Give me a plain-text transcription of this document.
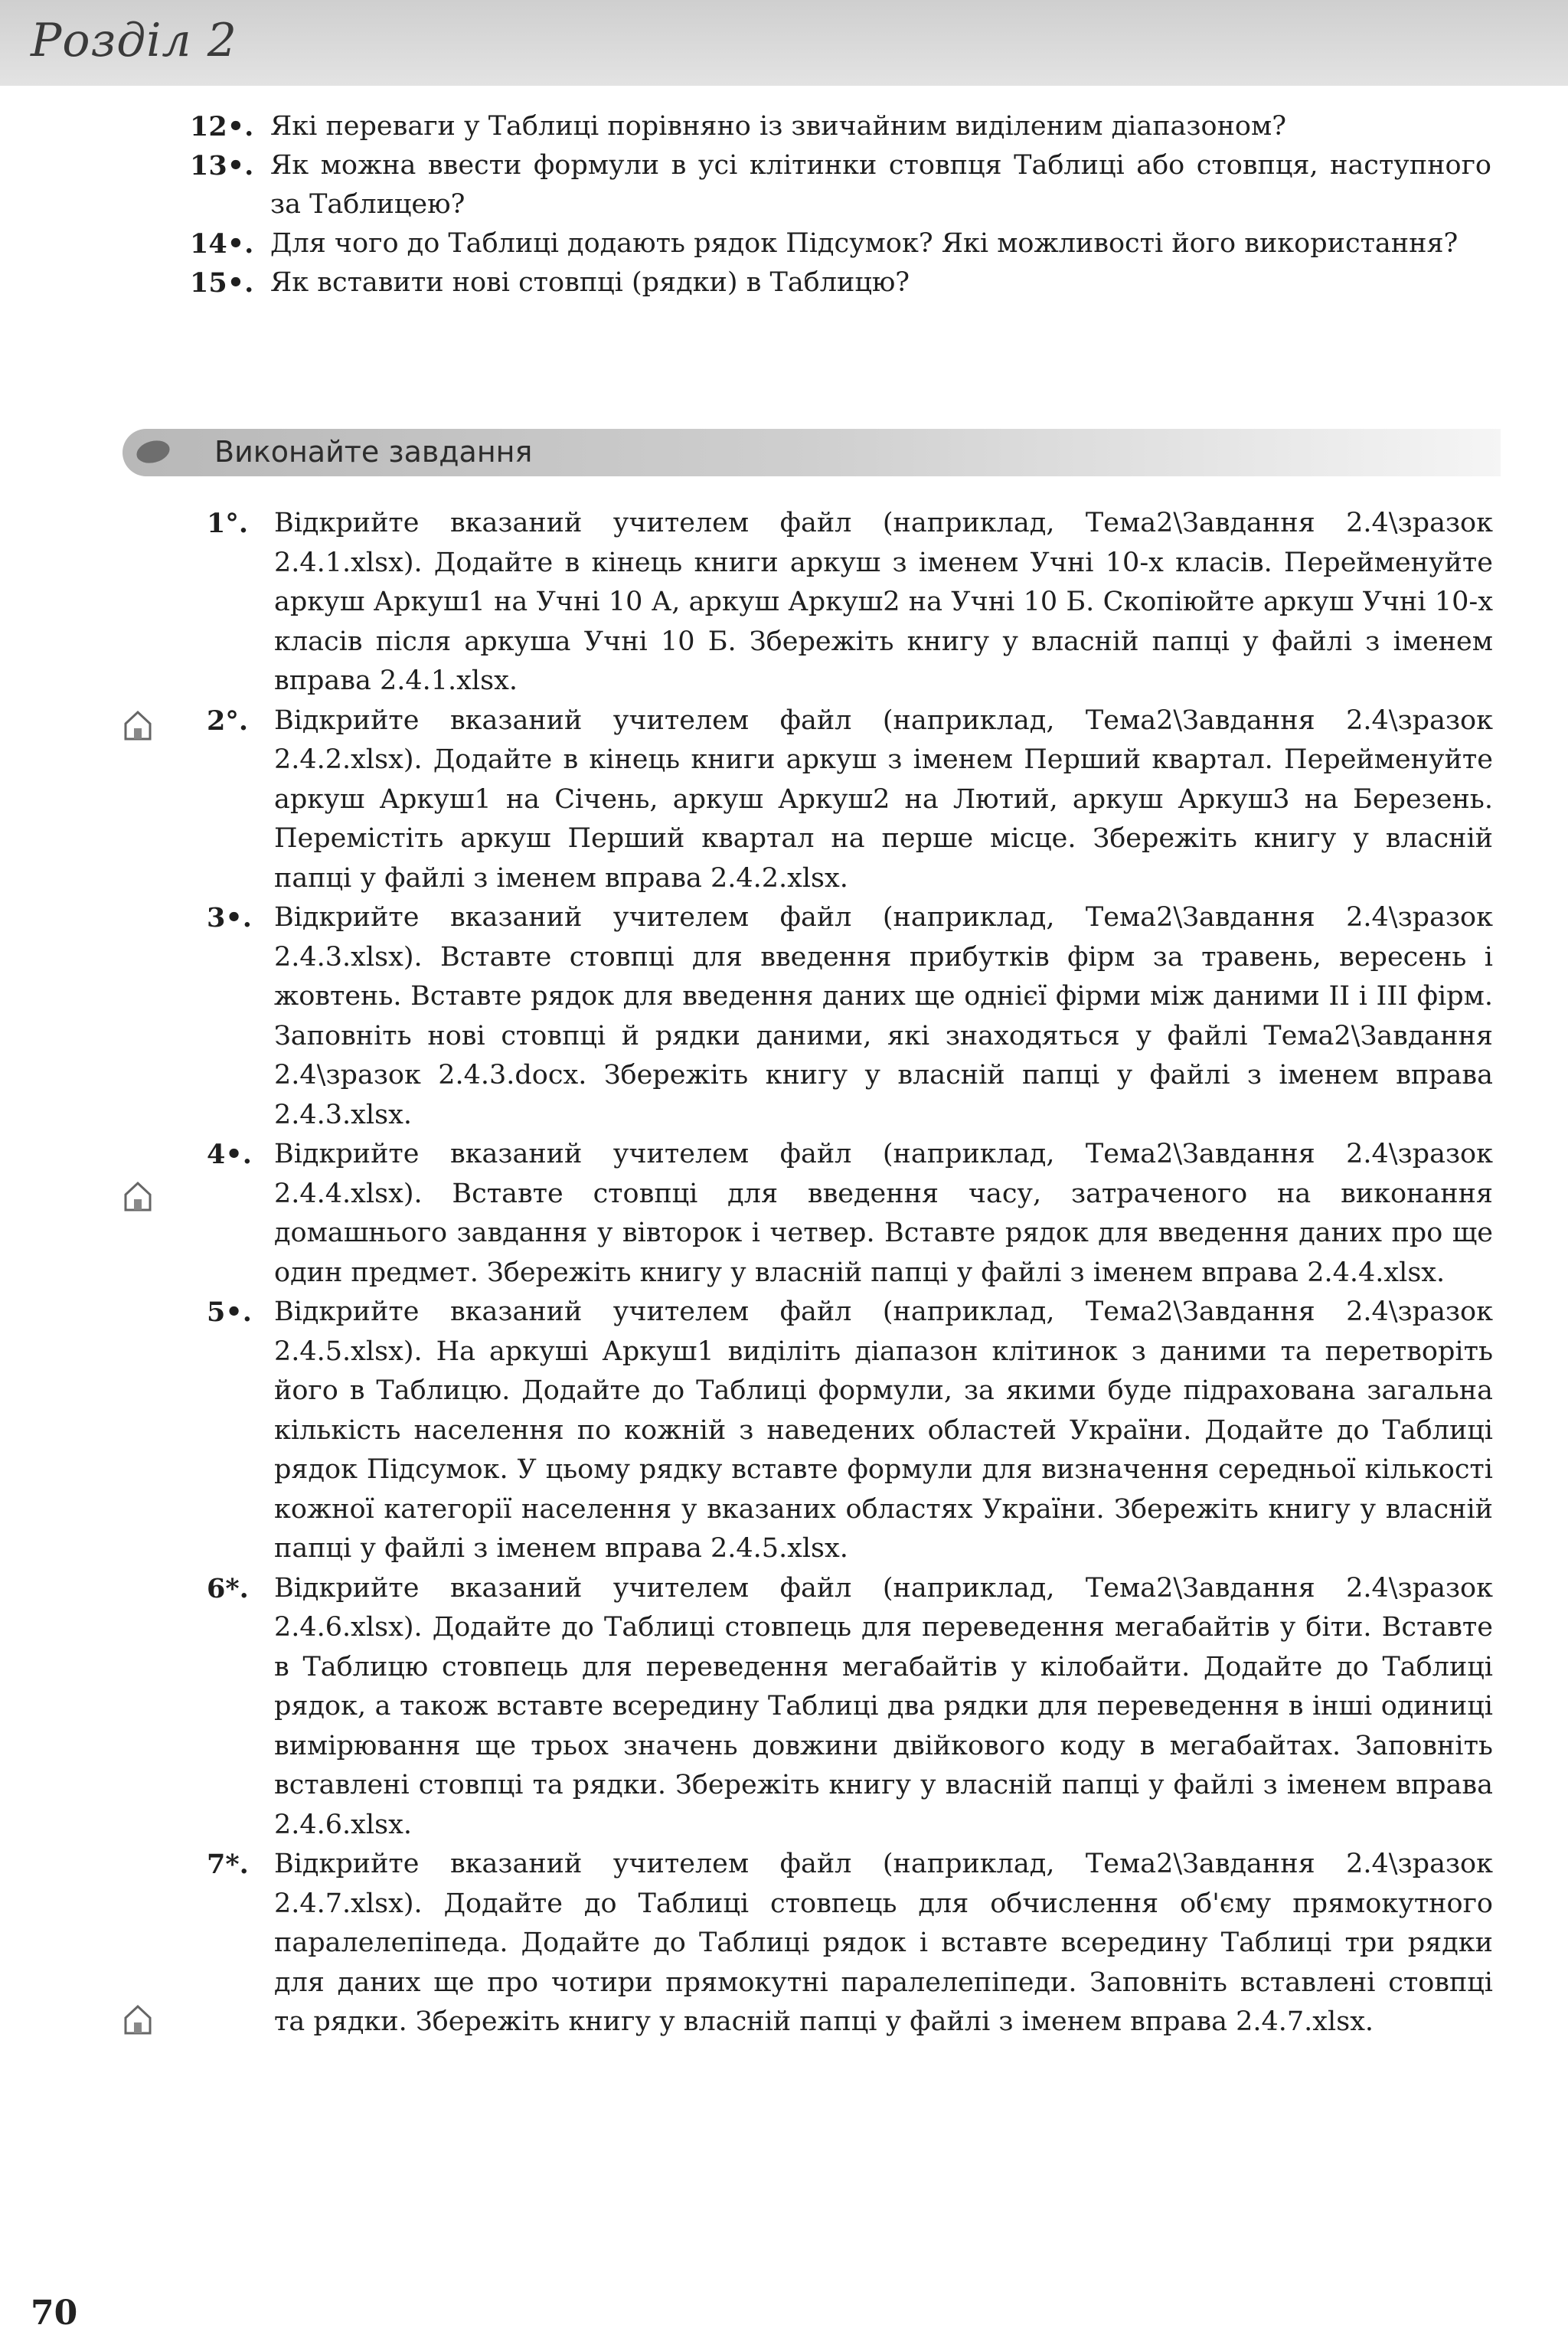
Розділ 2
12•. Які переваги у Таблиці порівняно із звичайним виділеним діапазоном?
13•. Як можна ввести формули в усі клітинки стовпця Таблиці або стовпця, наступного за Таблицею?
14•. Для чого до Таблиці додають рядок Підсумок? Які можливості його використання?
15•. Як вставити нові стовпці (рядки) в Таблицю?
Виконайте завдання
1°. Відкрийте вказаний учителем файл (наприклад, Тема2\Завдання 2.4\зразок 2.4.1.xlsx). Додайте в кінець книги аркуш з іменем Учні 10-х класів. Перейменуйте аркуш Аркуш1 на Учні 10 А, аркуш Аркуш2 на Учні 10 Б. Скопіюйте аркуш Учні 10-х класів після аркуша Учні 10 Б. Збережіть книгу у власній папці у файлі з іменем вправа 2.4.1.xlsx.
2°. Відкрийте вказаний учителем файл (наприклад, Тема2\Завдання 2.4\зразок 2.4.2.xlsx). Додайте в кінець книги аркуш з іменем Перший квартал. Перейменуйте аркуш Аркуш1 на Січень, аркуш Аркуш2 на Лютий, аркуш Аркуш3 на Березень. Перемістіть аркуш Перший квартал на перше місце. Збережіть книгу у власній папці у файлі з іменем вправа 2.4.2.xlsx.
3•. Відкрийте вказаний учителем файл (наприклад, Тема2\Завдання 2.4\зразок 2.4.3.xlsx). Вставте стовпці для введення прибутків фірм за травень, вересень і жовтень. Вставте рядок для введення даних ще однієї фірми між даними II і III фірм. Заповніть нові стовпці й рядки даними, які знаходяться у файлі Тема2\Завдання 2.4\зразок 2.4.3.docx. Збережіть книгу у власній папці у файлі з іменем вправа 2.4.3.xlsx.
4•. Відкрийте вказаний учителем файл (наприклад, Тема2\Завдання 2.4\зразок 2.4.4.xlsx). Вставте стовпці для введення часу, затраченого на виконання домашнього завдання у вівторок і четвер. Вставте рядок для введення даних про ще один предмет. Збережіть книгу у власній папці у файлі з іменем вправа 2.4.4.xlsx.
5•. Відкрийте вказаний учителем файл (наприклад, Тема2\Завдання 2.4\зразок 2.4.5.xlsx). На аркуші Аркуш1 виділіть діапазон клітинок з даними та перетворіть його в Таблицю. Додайте до Таблиці формули, за якими буде підрахована загальна кількість населення по кожній з наведених областей України. Додайте до Таблиці рядок Підсумок. У цьому рядку вставте формули для визначення середньої кількості кожної категорії населення у вказаних областях України. Збережіть книгу у власній папці у файлі з іменем вправа 2.4.5.xlsx.
6*. Відкрийте вказаний учителем файл (наприклад, Тема2\Завдання 2.4\зразок 2.4.6.xlsx). Додайте до Таблиці стовпець для переведення мегабайтів у біти. Вставте в Таблицю стовпець для переведення мегабайтів у кілобайти. Додайте до Таблиці рядок, а також вставте всередину Таблиці два рядки для переведення в інші одиниці вимірювання ще трьох значень довжини двійкового коду в мегабайтах. Заповніть вставлені стовпці та рядки. Збережіть книгу у власній папці у файлі з іменем вправа 2.4.6.xlsx.
7*. Відкрийте вказаний учителем файл (наприклад, Тема2\Завдання 2.4\зразок 2.4.7.xlsx). Додайте до Таблиці стовпець для обчислення об'єму прямокутного паралелепіпеда. Додайте до Таблиці рядок і вставте всередину Таблиці три рядки для даних ще про чотири прямокутні паралелепіпеди. Заповніть вставлені стовпці та рядки. Збережіть книгу у власній папці у файлі з іменем вправа 2.4.7.xlsx.
70
